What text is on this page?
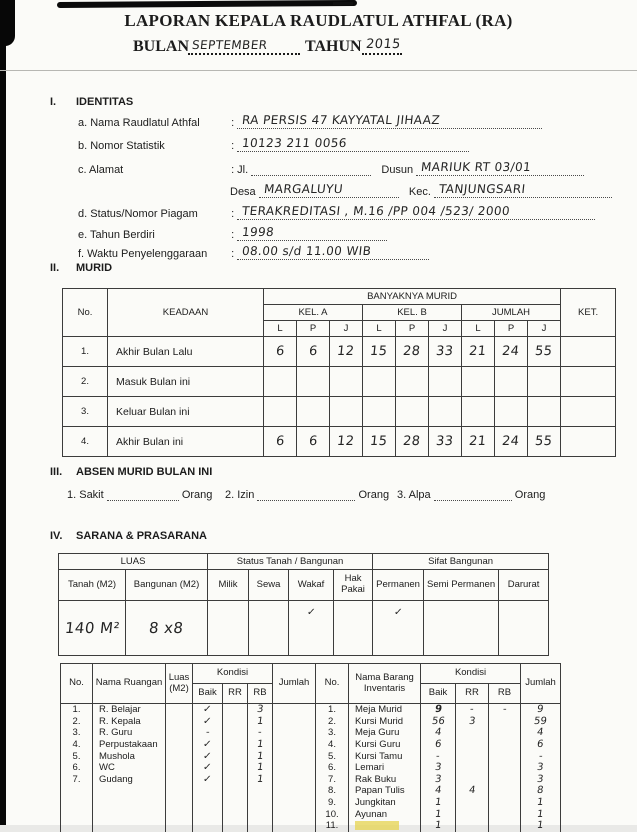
LAPORAN KEPALA RAUDLATUL ATHFAL (RA)
BULAN SEPTEMBER TAHUN 2015
I. IDENTITAS
a. Nama Raudlatul Athfal	: RA PERSIS 47 KAYYATAL JIHAAZ
b. Nomor Statistik	: 10123 211 0056
c. Alamat	: Jl.	Dusun MARIUK RT 03/01
Desa MARGALUYU	Kec. TANJUNGSARI
d. Status/Nomor Piagam	: TERAKREDITASI , M.16 /PP 004 /523/ 2000
e. Tahun Berdiri	: 1998
f. Waktu Penyelenggaraan : 08.00 s/d 11.00 WIB
II. MURID
No.	KEADAAN	BANYAKNYA MURID									KET.
		KEL. A			KEL. B			JUMLAH			
		L	P	J	L	P	J	L	P	J	
1.	Akhir Bulan Lalu	6	6	12	15	28	33	21	24	55	
2.	Masuk Bulan ini										
3.	Keluar Bulan ini										
4.	Akhir Bulan ini	6	6	12	15	28	33	21	24	55	
III. ABSEN MURID BULAN INI
1. Sakit	Orang 2. Izin	Orang 3. Alpa	Orang
IV. SARANA & PRASARANA
LUAS		Status Tanah / Bangunan				Sifat Bangunan		
Tanah (M2)	Bangunan (M2)	Milik	Sewa	Wakaf	Hak Pakai	Permanen	Semi Permanen	Darurat
140 M²	8 x8			✓		✓		
No.	Nama Ruangan	Luas (M2)	Kondisi			Jumlah	No.	Nama Barang Inventaris	Kondisi			Jumlah
			Baik	RR	RB				Baik	RR	RB	
1.	R. Belajar		✓		3		1.	Meja Murid	9	-	-	9
2.	R. Kepala		✓		1		2.	Kursi Murid	56	3		59
3.	R. Guru		-		-		3.	Meja Guru	4			4
4.	Perpustakaan		✓		1		4.	Kursi Guru	6			6
5.	Mushola		✓		1		5.	Kursi Tamu	-			-
6.	WC		✓		1		6.	Lemari	3			3
7.	Gudang		✓		1		7.	Rak Buku	3			3
							8.	Papan Tulis	4	4		8
							9.	Jungkitan	1			1
							10.	Ayunan	1			1
							11.		1			1
